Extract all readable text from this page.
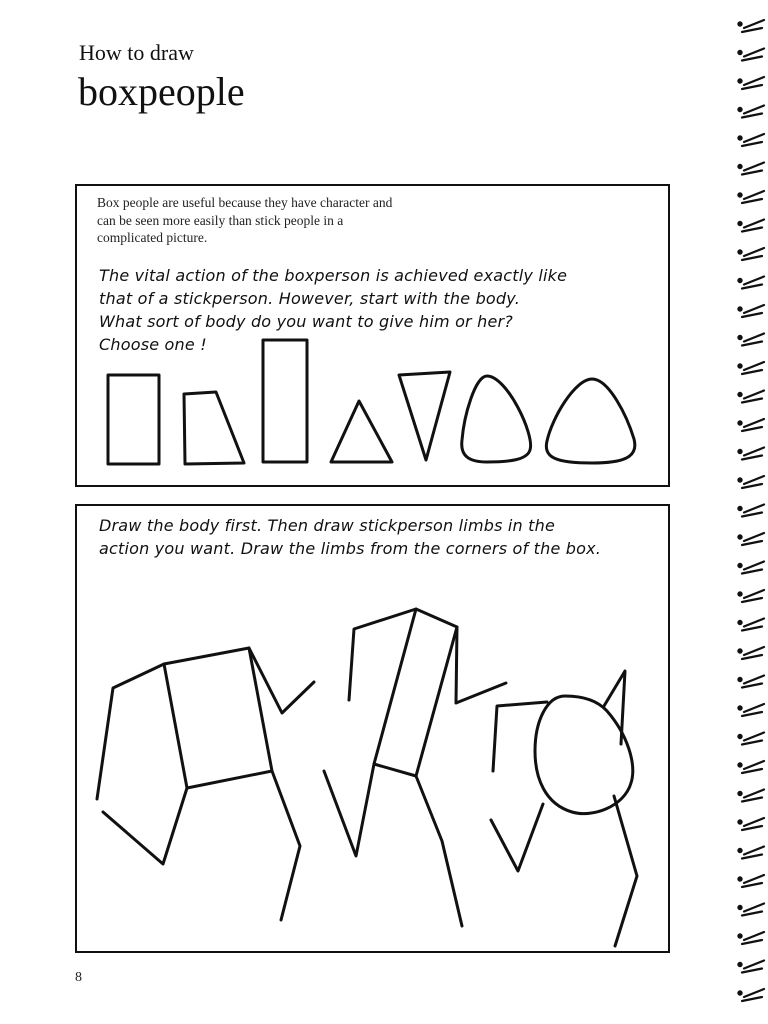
How to draw
boxpeople
Box people are useful because they have character and can be seen more easily than stick people in a complicated picture.
The vital action of the boxperson is achieved exactly like
that of a stickperson. However, start with the body.
What sort of body do you want to give him or her?
Choose one !
Draw the body first. Then draw stickperson limbs in the
action you want. Draw the limbs from the corners of the box.
8
